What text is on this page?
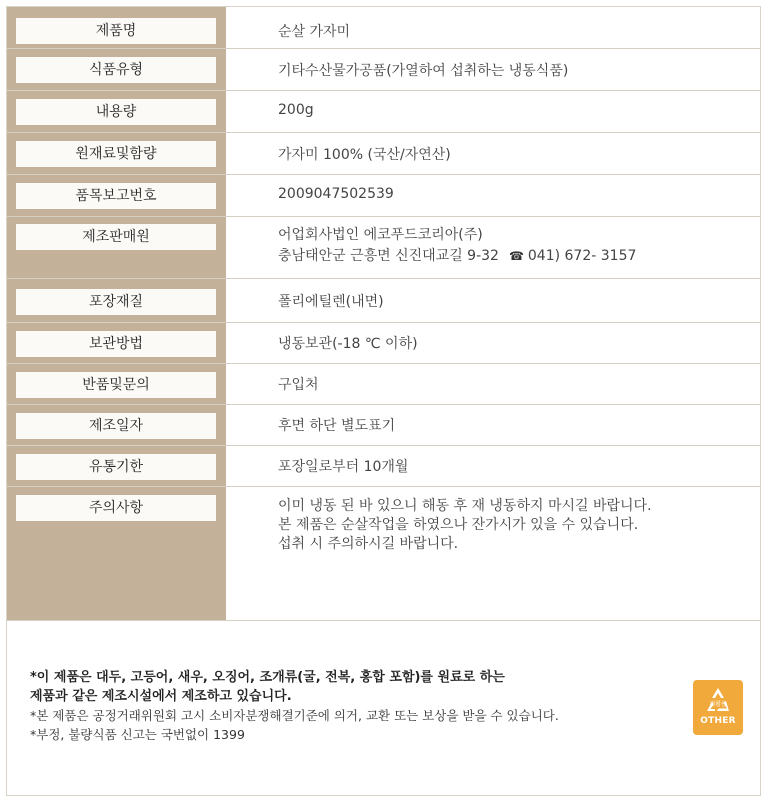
제품명	순살 가자미
식품유형	기타수산물가공품(가열하여 섭취하는 냉동식품)
내용량	200g
원재료및함량	가자미 100% (국산/자연산)
품목보고번호	2009047502539
제조판매원	어업회사법인 에코푸드코리아(주)
충남태안군 근흥면 신진대교길 9-32 ☎ 041) 672- 3157
포장재질	폴리에틸렌(내면)
보관방법	냉동보관(-18 ℃ 이하)
반품및문의	구입처
제조일자	후면 하단 별도표기
유통기한	포장일로부터 10개월
주의사항	이미 냉동 된 바 있으니 해동 후 재 냉동하지 마시길 바랍니다.
본 제품은 순살작업을 하였으나 잔가시가 있을 수 있습니다.
섭취 시 주의하시길 바랍니다.
*이 제품은 대두, 고등어, 새우, 오징어, 조개류(굴, 전복, 홍합 포함)를 원료로 하는
제품과 같은 제조시설에서 제조하고 있습니다.
*본 제품은 공정거래위원회 고시 소비자분쟁해결기준에 의거, 교환 또는 보상을 받을 수 있습니다.
*부정, 불량식품 신고는 국번없이 1399
재활용
OTHER
